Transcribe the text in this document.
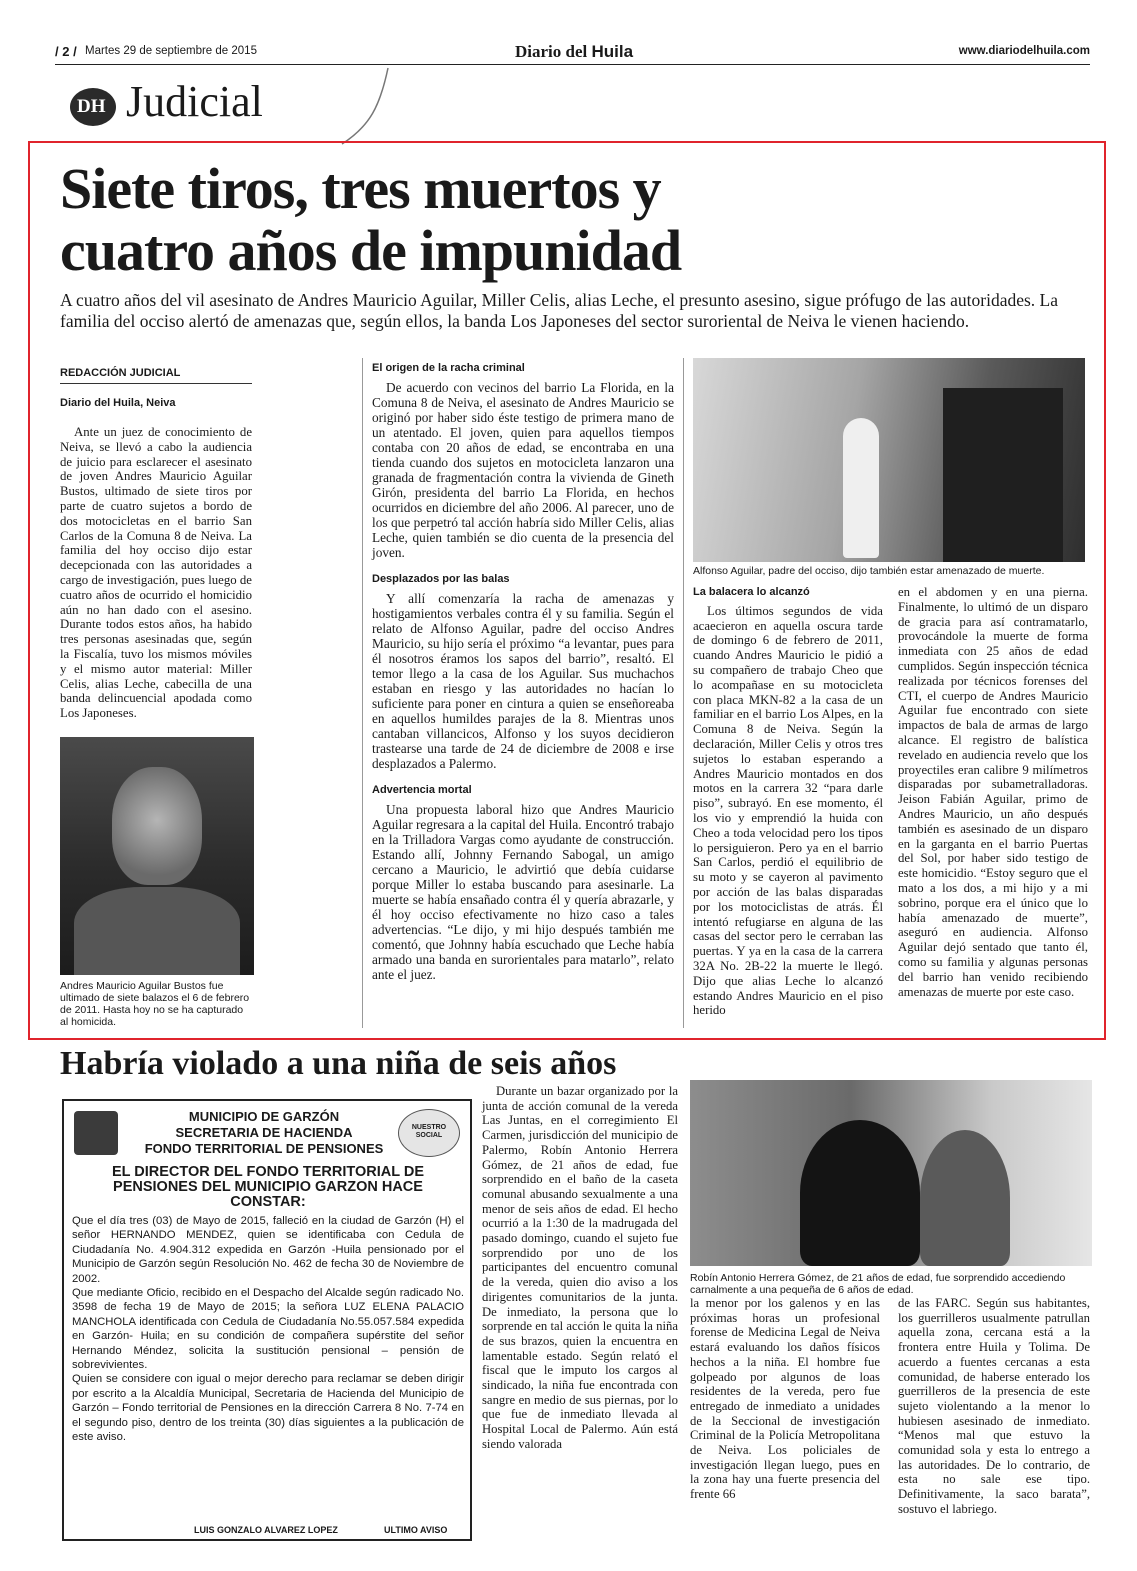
/ 2 / Martes 29 de septiembre de 2015	Diario del Huila	www.diariodelhuila.com
DH Judicial
Siete tiros, tres muertos y
cuatro años de impunidad
A cuatro años del vil asesinato de Andres Mauricio Aguilar, Miller Celis, alias Leche, el presunto asesino, sigue prófugo de las autoridades. La familia del occiso alertó de amenazas que, según ellos, la banda Los Japoneses del sector suroriental de Neiva le vienen haciendo.
REDACCIÓN JUDICIAL
Diario del Huila, Neiva

Ante un juez de conocimiento de Neiva, se llevó a cabo la audiencia de juicio para esclarecer el asesinato de joven Andres Mauricio Aguilar Bustos, ultimado de siete tiros por parte de cuatro sujetos a bordo de dos motocicletas en el barrio San Carlos de la Comuna 8 de Neiva. La familia del hoy occiso dijo estar decepcionada con las autoridades a cargo de investigación, pues luego de cuatro años de ocurrido el homicidio aún no han dado con el asesino. Durante todos estos años, ha habido tres personas asesinadas que, según la Fiscalía, tuvo los mismos móviles y el mismo autor material: Miller Celis, alias Leche, cabecilla de una banda delincuencial apodada como Los Japoneses.

Andres Mauricio Aguilar Bustos fue ultimado de siete balazos el 6 de febrero de 2011. Hasta hoy no se ha capturado al homicida.
El origen de la racha criminal

De acuerdo con vecinos del barrio La Florida, en la Comuna 8 de Neiva, el asesinato de Andres Mauricio se originó por haber sido éste testigo de primera mano de un atentado. El joven, quien para aquellos tiempos contaba con 20 años de edad, se encontraba en una tienda cuando dos sujetos en motocicleta lanzaron una granada de fragmentación contra la vivienda de Gineth Girón, presidenta del barrio La Florida, en hechos ocurridos en diciembre del año 2006. Al parecer, uno de los que perpetró tal acción habría sido Miller Celis, alias Leche, quien también se dio cuenta de la presencia del joven.

Desplazados por las balas

Y allí comenzaría la racha de amenazas y hostigamientos verbales contra él y su familia. Según el relato de Alfonso Aguilar, padre del occiso Andres Mauricio, su hijo sería el próximo “a levantar, pues para él nosotros éramos los sapos del barrio”, resaltó. El temor llego a la casa de los Aguilar. Sus muchachos estaban en riesgo y las autoridades no hacían lo suficiente para poner en cintura a quien se enseñoreaba en aquellos humildes parajes de la 8. Mientras unos cantaban villancicos, Alfonso y los suyos decidieron trastearse una tarde de 24 de diciembre de 2008 e irse desplazados a Palermo.

Advertencia mortal

Una propuesta laboral hizo que Andres Mauricio Aguilar regresara a la capital del Huila. Encontró trabajo en la Trilladora Vargas como ayudante de construcción. Estando allí, Johnny Fernando Sabogal, un amigo cercano a Mauricio, le advirtió que debía cuidarse porque Miller lo estaba buscando para asesinarle. La muerte se había ensañado contra él y quería abrazarle, y él hoy occiso efectivamente no hizo caso a tales advertencias. “Le dijo, y mi hijo después también me comentó, que Johnny había escuchado que Leche había armado una banda en surorientales para matarlo”, relato ante el juez.

Alfonso Aguilar, padre del occiso, dijo también estar amenazado de muerte.
La balacera lo alcanzó

Los últimos segundos de vida acaecieron en aquella oscura tarde de domingo 6 de febrero de 2011, cuando Andres Mauricio le pidió a su compañero de trabajo Cheo que lo acompañase en su motocicleta con placa MKN-82 a la casa de un familiar en el barrio Los Alpes, en la Comuna 8 de Neiva. Según la declaración, Miller Celis y otros tres sujetos lo estaban esperando a Andres Mauricio montados en dos motos en la carrera 32 “para darle piso”, subrayó. En ese momento, él los vio y emprendió la huida con Cheo a toda velocidad pero los tipos lo persiguieron. Pero ya en el barrio San Carlos, perdió el equilibrio de su moto y se cayeron al pavimento por acción de las balas disparadas por los motociclistas de atrás. Él intentó refugiarse en alguna de las casas del sector pero le cerraban las puertas. Y ya en la casa de la carrera 32A No. 2B-22 la muerte le llegó. Dijo que alias Leche lo alcanzó estando Andres Mauricio en el piso herido

en el abdomen y en una pierna. Finalmente, lo ultimó de un disparo de gracia para así contramatarlo, provocándole la muerte de forma inmediata con 25 años de edad cumplidos. Según inspección técnica realizada por técnicos forenses del CTI, el cuerpo de Andres Mauricio Aguilar fue encontrado con siete impactos de bala de armas de largo alcance. El registro de balística revelado en audiencia revelo que los proyectiles eran calibre 9 milímetros disparadas por subametralladoras. Jeison Fabián Aguilar, primo de Andres Mauricio, un año después también es asesinado de un disparo en la garganta en el barrio Puertas del Sol, por haber sido testigo de este homicidio. “Estoy seguro que el mato a los dos, a mi hijo y a mi sobrino, porque era el único que lo había amenazado de muerte”, aseguró en audiencia. Alfonso Aguilar dejó sentado que tanto él, como su familia y algunas personas del barrio han venido recibiendo amenazas de muerte por este caso.

Habría violado a una niña de seis años
MUNICIPIO DE GARZÓN
SECRETARIA DE HACIENDA
FONDO TERRITORIAL DE PENSIONES
NUESTRO SOCIAL
EL DIRECTOR DEL FONDO TERRITORIAL DE PENSIONES DEL MUNICIPIO GARZON HACE CONSTAR:
Que el día tres (03) de Mayo de 2015, falleció en la ciudad de Garzón (H) el señor HERNANDO MENDEZ, quien se identificaba con Cedula de Ciudadanía No. 4.904.312 expedida en Garzón -Huila pensionado por el Municipio de Garzón según Resolución No. 462 de fecha 30 de Noviembre de 2002.
Que mediante Oficio, recibido en el Despacho del Alcalde según radicado No. 3598 de fecha 19 de Mayo de 2015; la señora LUZ ELENA PALACIO MANCHOLA identificada con Cedula de Ciudadanía No.55.057.584 expedida en Garzón- Huila; en su condición de compañera supérstite del señor Hernando Méndez, solicita la sustitución pensional – pensión de sobrevivientes.
Quien se considere con igual o mejor derecho para reclamar se deben dirigir por escrito a la Alcaldía Municipal, Secretaria de Hacienda del Municipio de Garzón – Fondo territorial de Pensiones en la dirección Carrera 8 No. 7-74 en el segundo piso, dentro de los treinta (30) días siguientes a la publicación de este aviso.
LUIS GONZALO ALVAREZ LOPEZ	ULTIMO AVISO

Durante un bazar organizado por la junta de acción comunal de la vereda Las Juntas, en el corregimiento El Carmen, jurisdicción del municipio de Palermo, Robín Antonio Herrera Gómez, de 21 años de edad, fue sorprendido en el baño de la caseta comunal abusando sexualmente a una menor de seis años de edad. El hecho ocurrió a la 1:30 de la madrugada del pasado domingo, cuando el sujeto fue sorprendido por uno de los participantes del encuentro comunal de la vereda, quien dio aviso a los dirigentes comunitarios de la junta. De inmediato, la persona que lo sorprende en tal acción le quita la niña de sus brazos, quien la encuentra en lamentable estado. Según relató el fiscal que le imputo los cargos al sindicado, la niña fue encontrada con sangre en medio de sus piernas, por lo que fue de inmediato llevada al Hospital Local de Palermo. Aún está siendo valorada

Robín Antonio Herrera Gómez, de 21 años de edad, fue sorprendido accediendo carnalmente a una pequeña de 6 años de edad.

la menor por los galenos y en las próximas horas un profesional forense de Medicina Legal de Neiva estará evaluando los daños físicos hechos a la niña. El hombre fue golpeado por algunos de loas residentes de la vereda, pero fue entregado de inmediato a unidades de la Seccional de investigación Criminal de la Policía Metropolitana de Neiva. Los policiales de investigación llegan luego, pues en la zona hay una fuerte presencia del frente 66

de las FARC. Según sus habitantes, los guerrilleros usualmente patrullan aquella zona, cercana está a la frontera entre Huila y Tolima. De acuerdo a fuentes cercanas a esta comunidad, de haberse enterado los guerrilleros de la presencia de este sujeto violentando a la menor lo hubiesen asesinado de inmediato. “Menos mal que estuvo la comunidad sola y esta lo entrego a las autoridades. De lo contrario, de esta no sale ese tipo. Definitivamente, la saco barata”, sostuvo el labriego.
